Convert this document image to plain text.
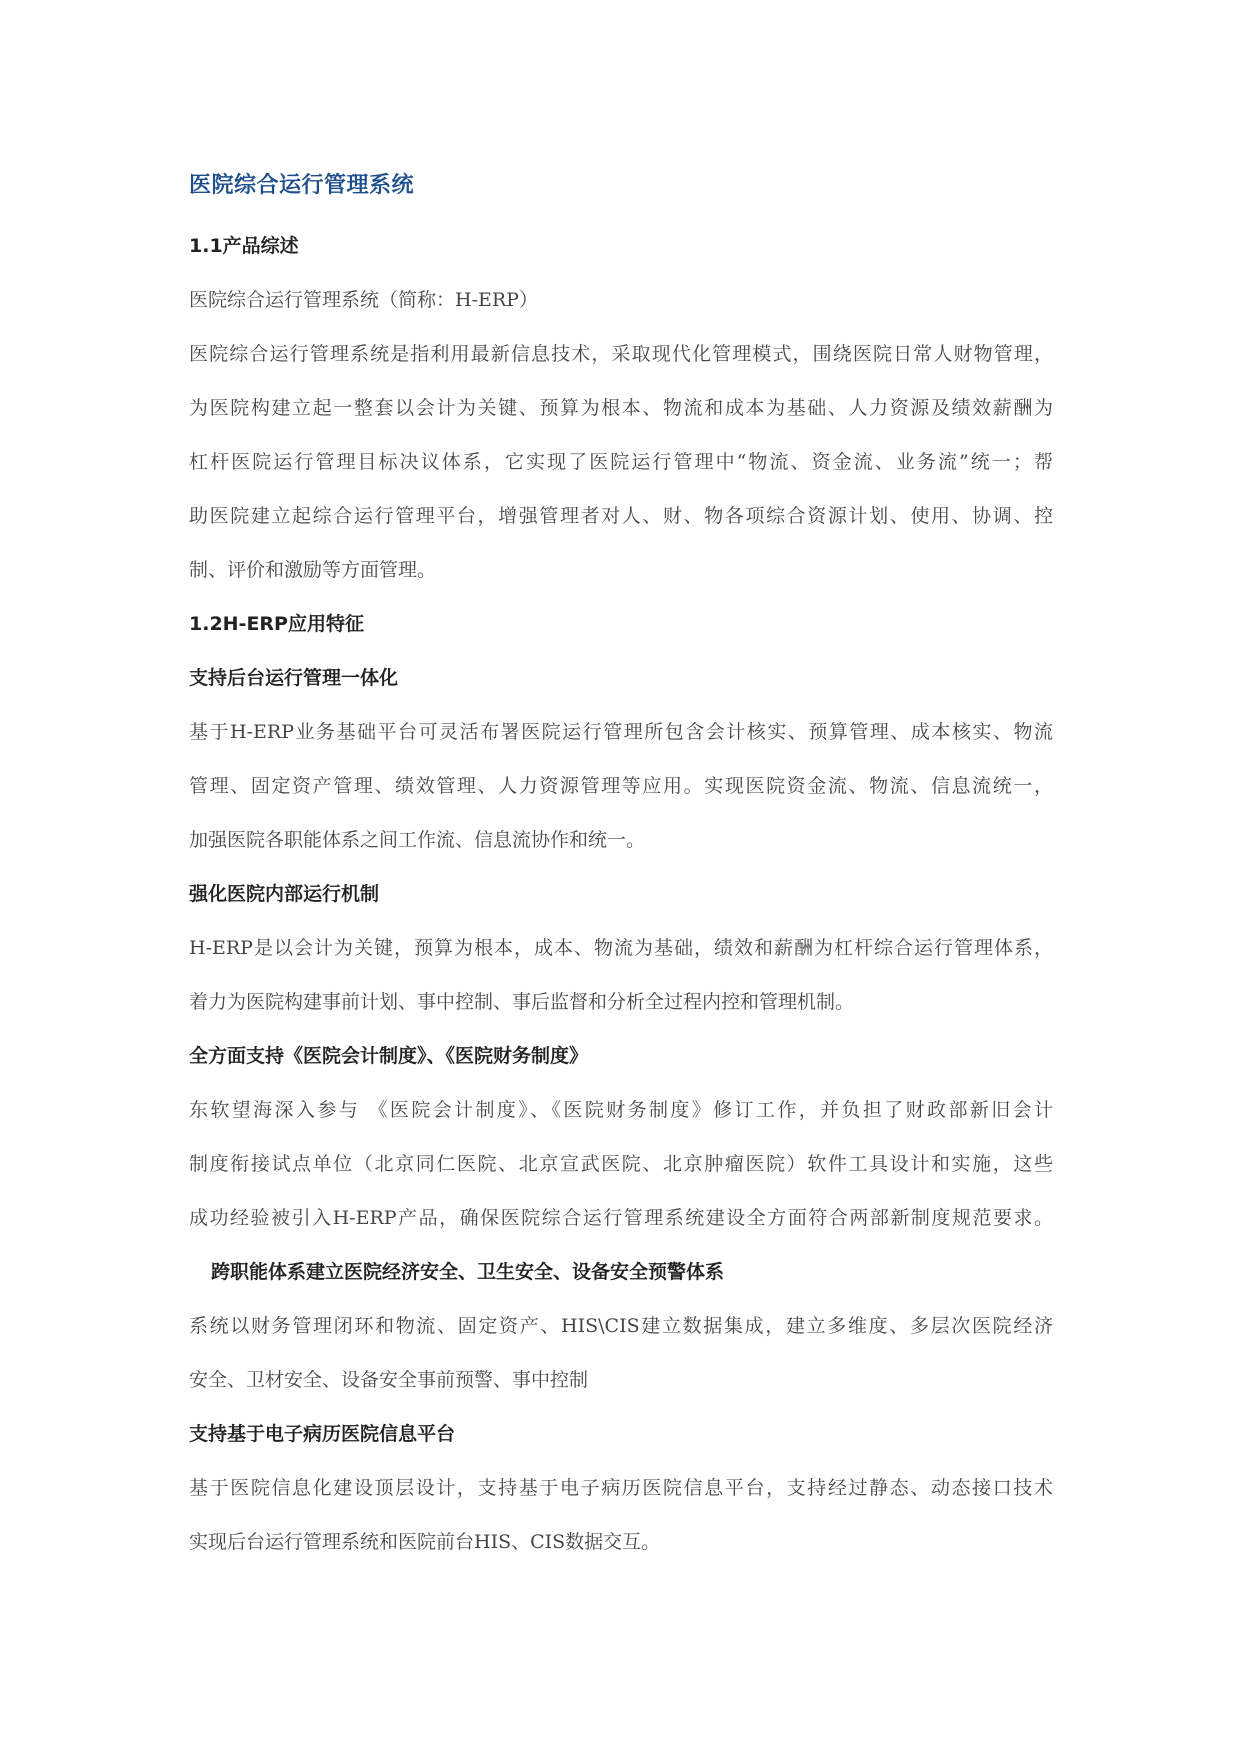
医院综合运行管理系统
1.1产品综述
医院综合运行管理系统（简称：H-ERP）
医院综合运行管理系统是指利用最新信息技术，采取现代化管理模式，围绕医院日常人财物管理，
为医院构建立起一整套以会计为关键、预算为根本、物流和成本为基础、人力资源及绩效薪酬为
杠杆医院运行管理目标决议体系，它实现了医院运行管理中“物流、资金流、业务流”统一；帮
助医院建立起综合运行管理平台，增强管理者对人、财、物各项综合资源计划、使用、协调、控
制、评价和激励等方面管理。
1.2H-ERP应用特征
支持后台运行管理一体化
基于H-ERP业务基础平台可灵活布署医院运行管理所包含会计核实、预算管理、成本核实、物流
管理、固定资产管理、绩效管理、人力资源管理等应用。实现医院资金流、物流、信息流统一，
加强医院各职能体系之间工作流、信息流协作和统一。
强化医院内部运行机制
H-ERP是以会计为关键，预算为根本，成本、物流为基础，绩效和薪酬为杠杆综合运行管理体系，
着力为医院构建事前计划、事中控制、事后监督和分析全过程内控和管理机制。
全方面支持《医院会计制度》、《医院财务制度》
东软望海深入参与 《医院会计制度》、《医院财务制度》修订工作，并负担了财政部新旧会计
制度衔接试点单位（北京同仁医院、北京宣武医院、北京肿瘤医院）软件工具设计和实施，这些
成功经验被引入H-ERP产品，确保医院综合运行管理系统建设全方面符合两部新制度规范要求。
跨职能体系建立医院经济安全、卫生安全、设备安全预警体系
系统以财务管理闭环和物流、固定资产、HIS\CIS建立数据集成，建立多维度、多层次医院经济
安全、卫材安全、设备安全事前预警、事中控制
支持基于电子病历医院信息平台
基于医院信息化建设顶层设计，支持基于电子病历医院信息平台，支持经过静态、动态接口技术
实现后台运行管理系统和医院前台HIS、CIS数据交互。
